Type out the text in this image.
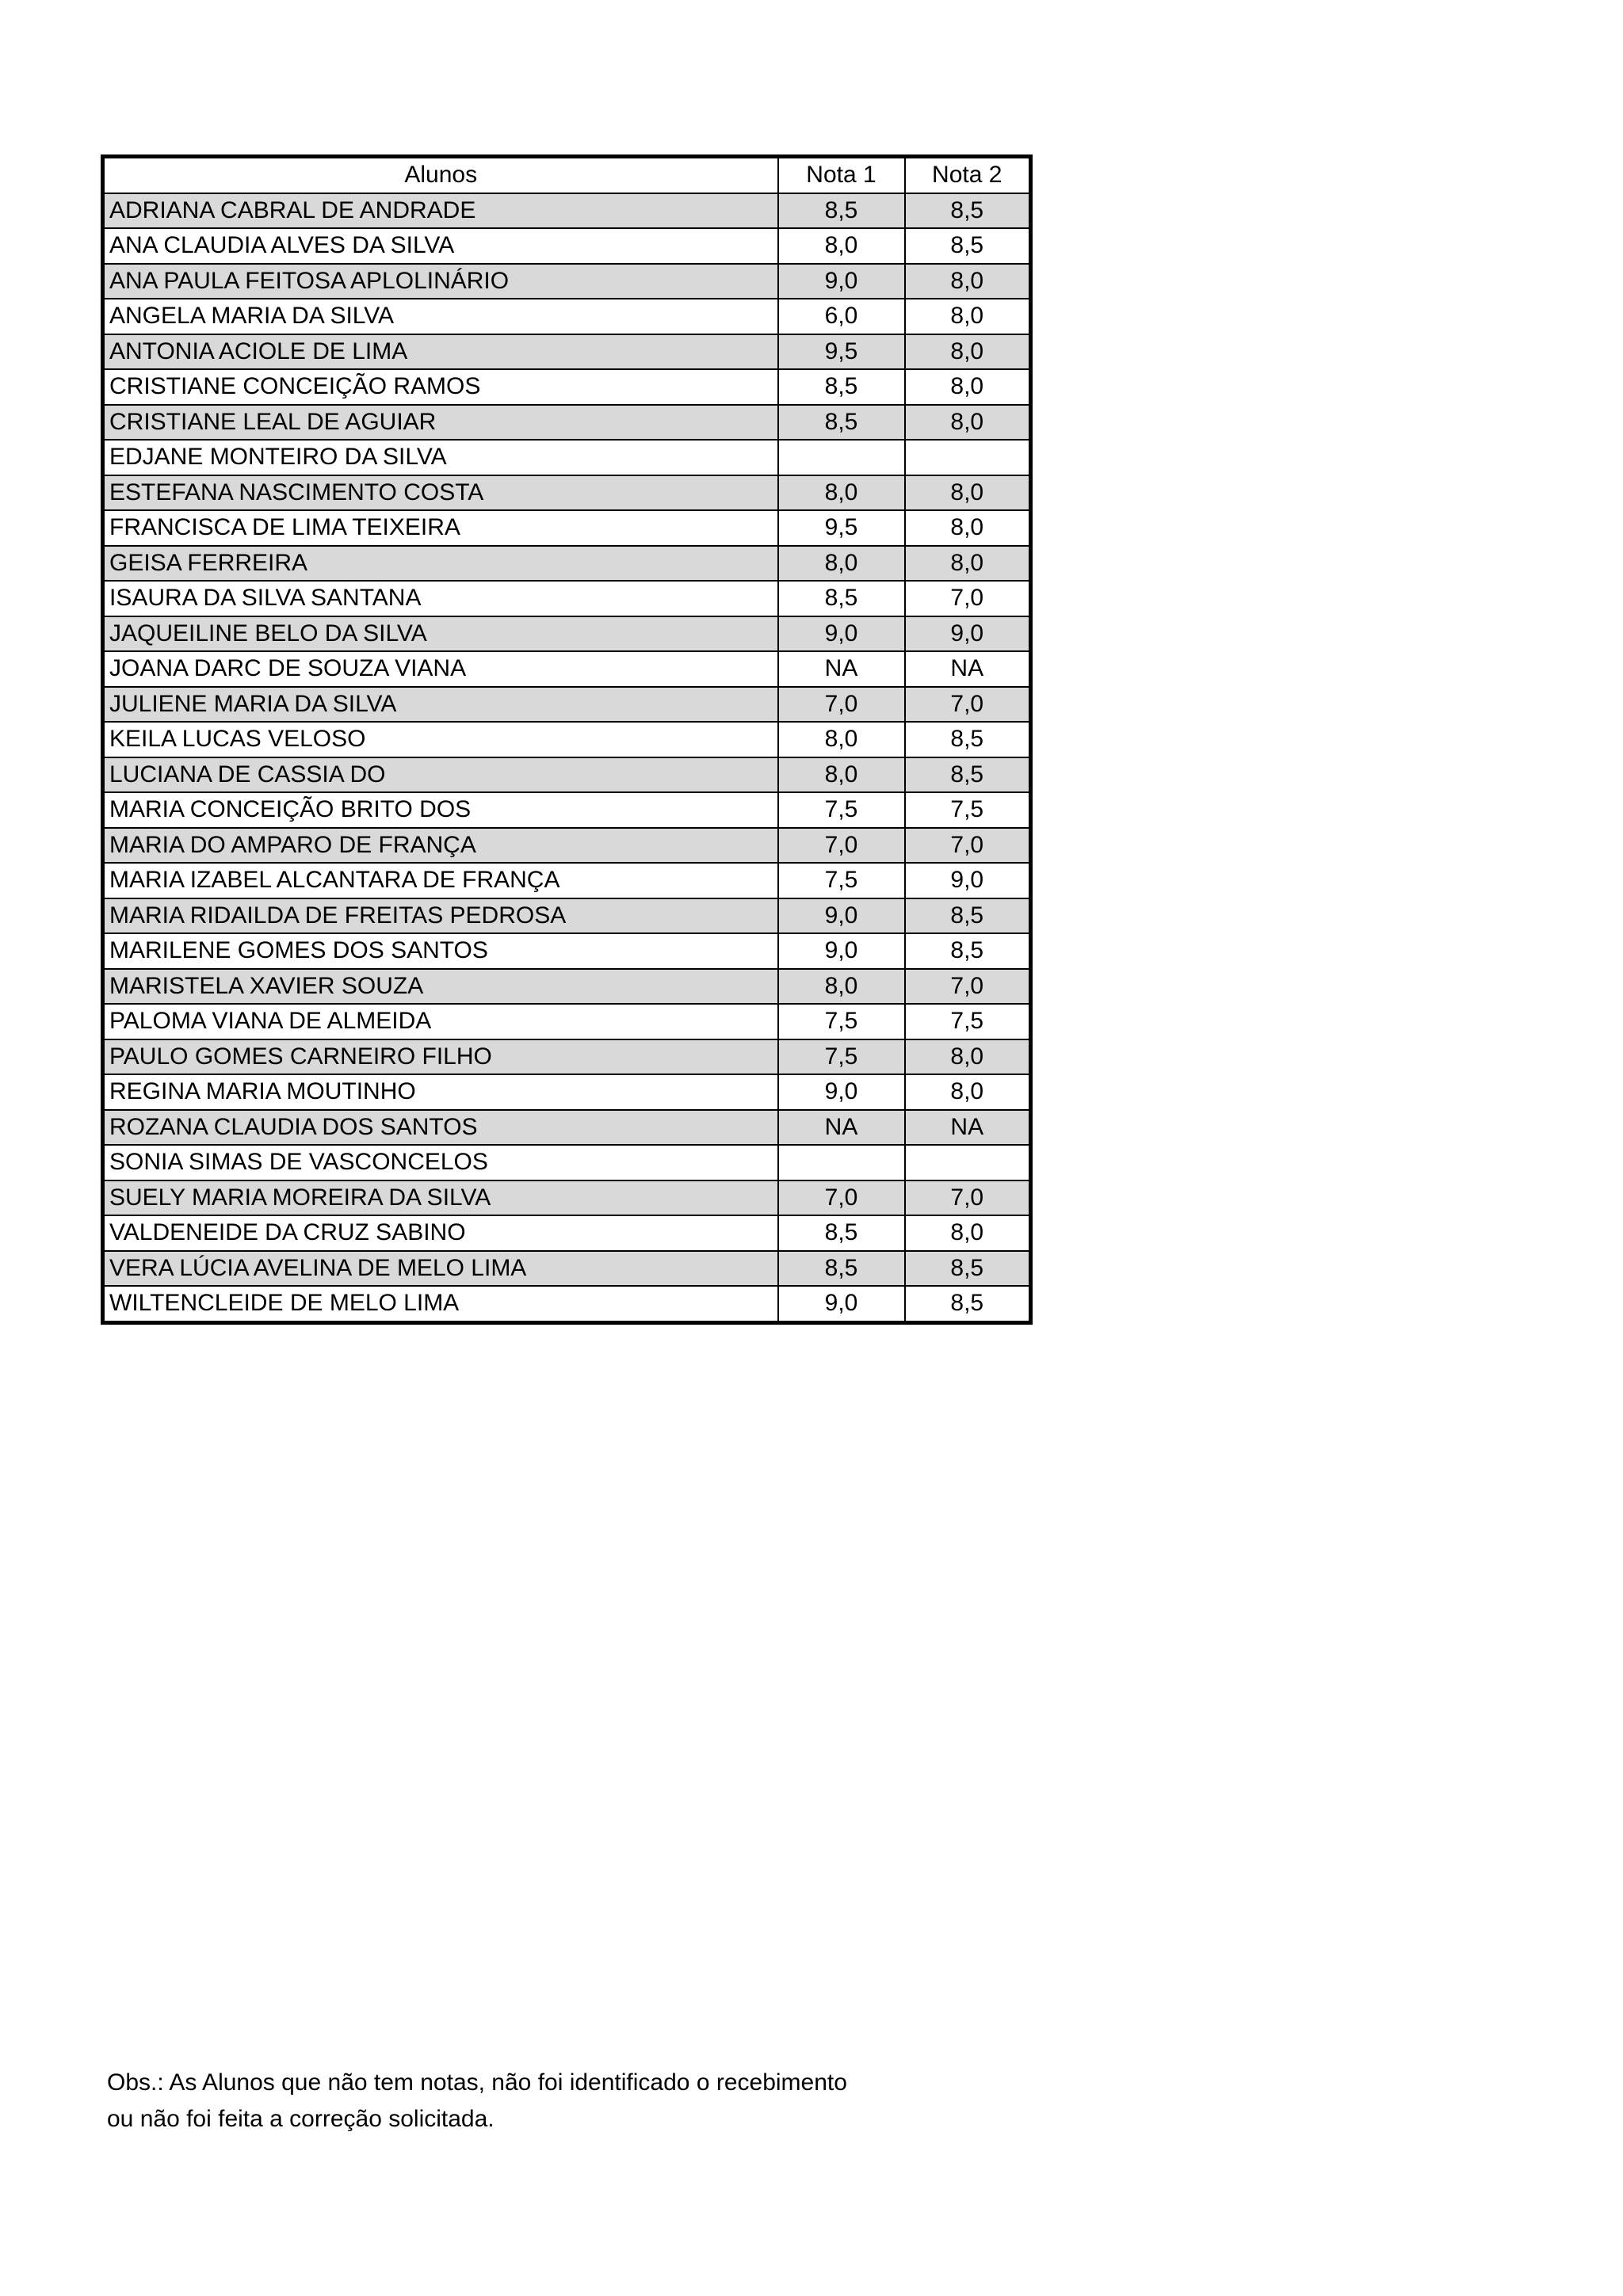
Alunos	Nota 1	Nota 2
ADRIANA CABRAL DE ANDRADE	8,5	8,5
ANA CLAUDIA ALVES DA SILVA	8,0	8,5
ANA PAULA FEITOSA APLOLINÁRIO	9,0	8,0
ANGELA MARIA DA SILVA	6,0	8,0
ANTONIA ACIOLE DE LIMA	9,5	8,0
CRISTIANE CONCEIÇÃO RAMOS	8,5	8,0
CRISTIANE LEAL DE AGUIAR	8,5	8,0
EDJANE MONTEIRO DA SILVA		
ESTEFANA NASCIMENTO COSTA	8,0	8,0
FRANCISCA DE LIMA TEIXEIRA	9,5	8,0
GEISA FERREIRA	8,0	8,0
ISAURA DA SILVA SANTANA	8,5	7,0
JAQUEILINE BELO DA SILVA	9,0	9,0
JOANA DARC DE SOUZA VIANA	NA	NA
JULIENE MARIA DA SILVA	7,0	7,0
KEILA LUCAS VELOSO	8,0	8,5
LUCIANA DE CASSIA DO	8,0	8,5
MARIA CONCEIÇÃO BRITO DOS	7,5	7,5
MARIA DO AMPARO DE FRANÇA	7,0	7,0
MARIA IZABEL ALCANTARA DE FRANÇA	7,5	9,0
MARIA RIDAILDA DE FREITAS PEDROSA	9,0	8,5
MARILENE GOMES DOS SANTOS	9,0	8,5
MARISTELA XAVIER SOUZA	8,0	7,0
PALOMA VIANA DE ALMEIDA	7,5	7,5
PAULO GOMES CARNEIRO FILHO	7,5	8,0
REGINA MARIA MOUTINHO	9,0	8,0
ROZANA CLAUDIA DOS SANTOS	NA	NA
SONIA SIMAS DE VASCONCELOS		
SUELY MARIA MOREIRA DA SILVA	7,0	7,0
VALDENEIDE DA CRUZ SABINO	8,5	8,0
VERA LÚCIA AVELINA DE MELO LIMA	8,5	8,5
WILTENCLEIDE DE MELO LIMA	9,0	8,5

Obs.: As Alunos que não tem notas, não foi identificado o recebimento

ou não foi feita a correção solicitada.
